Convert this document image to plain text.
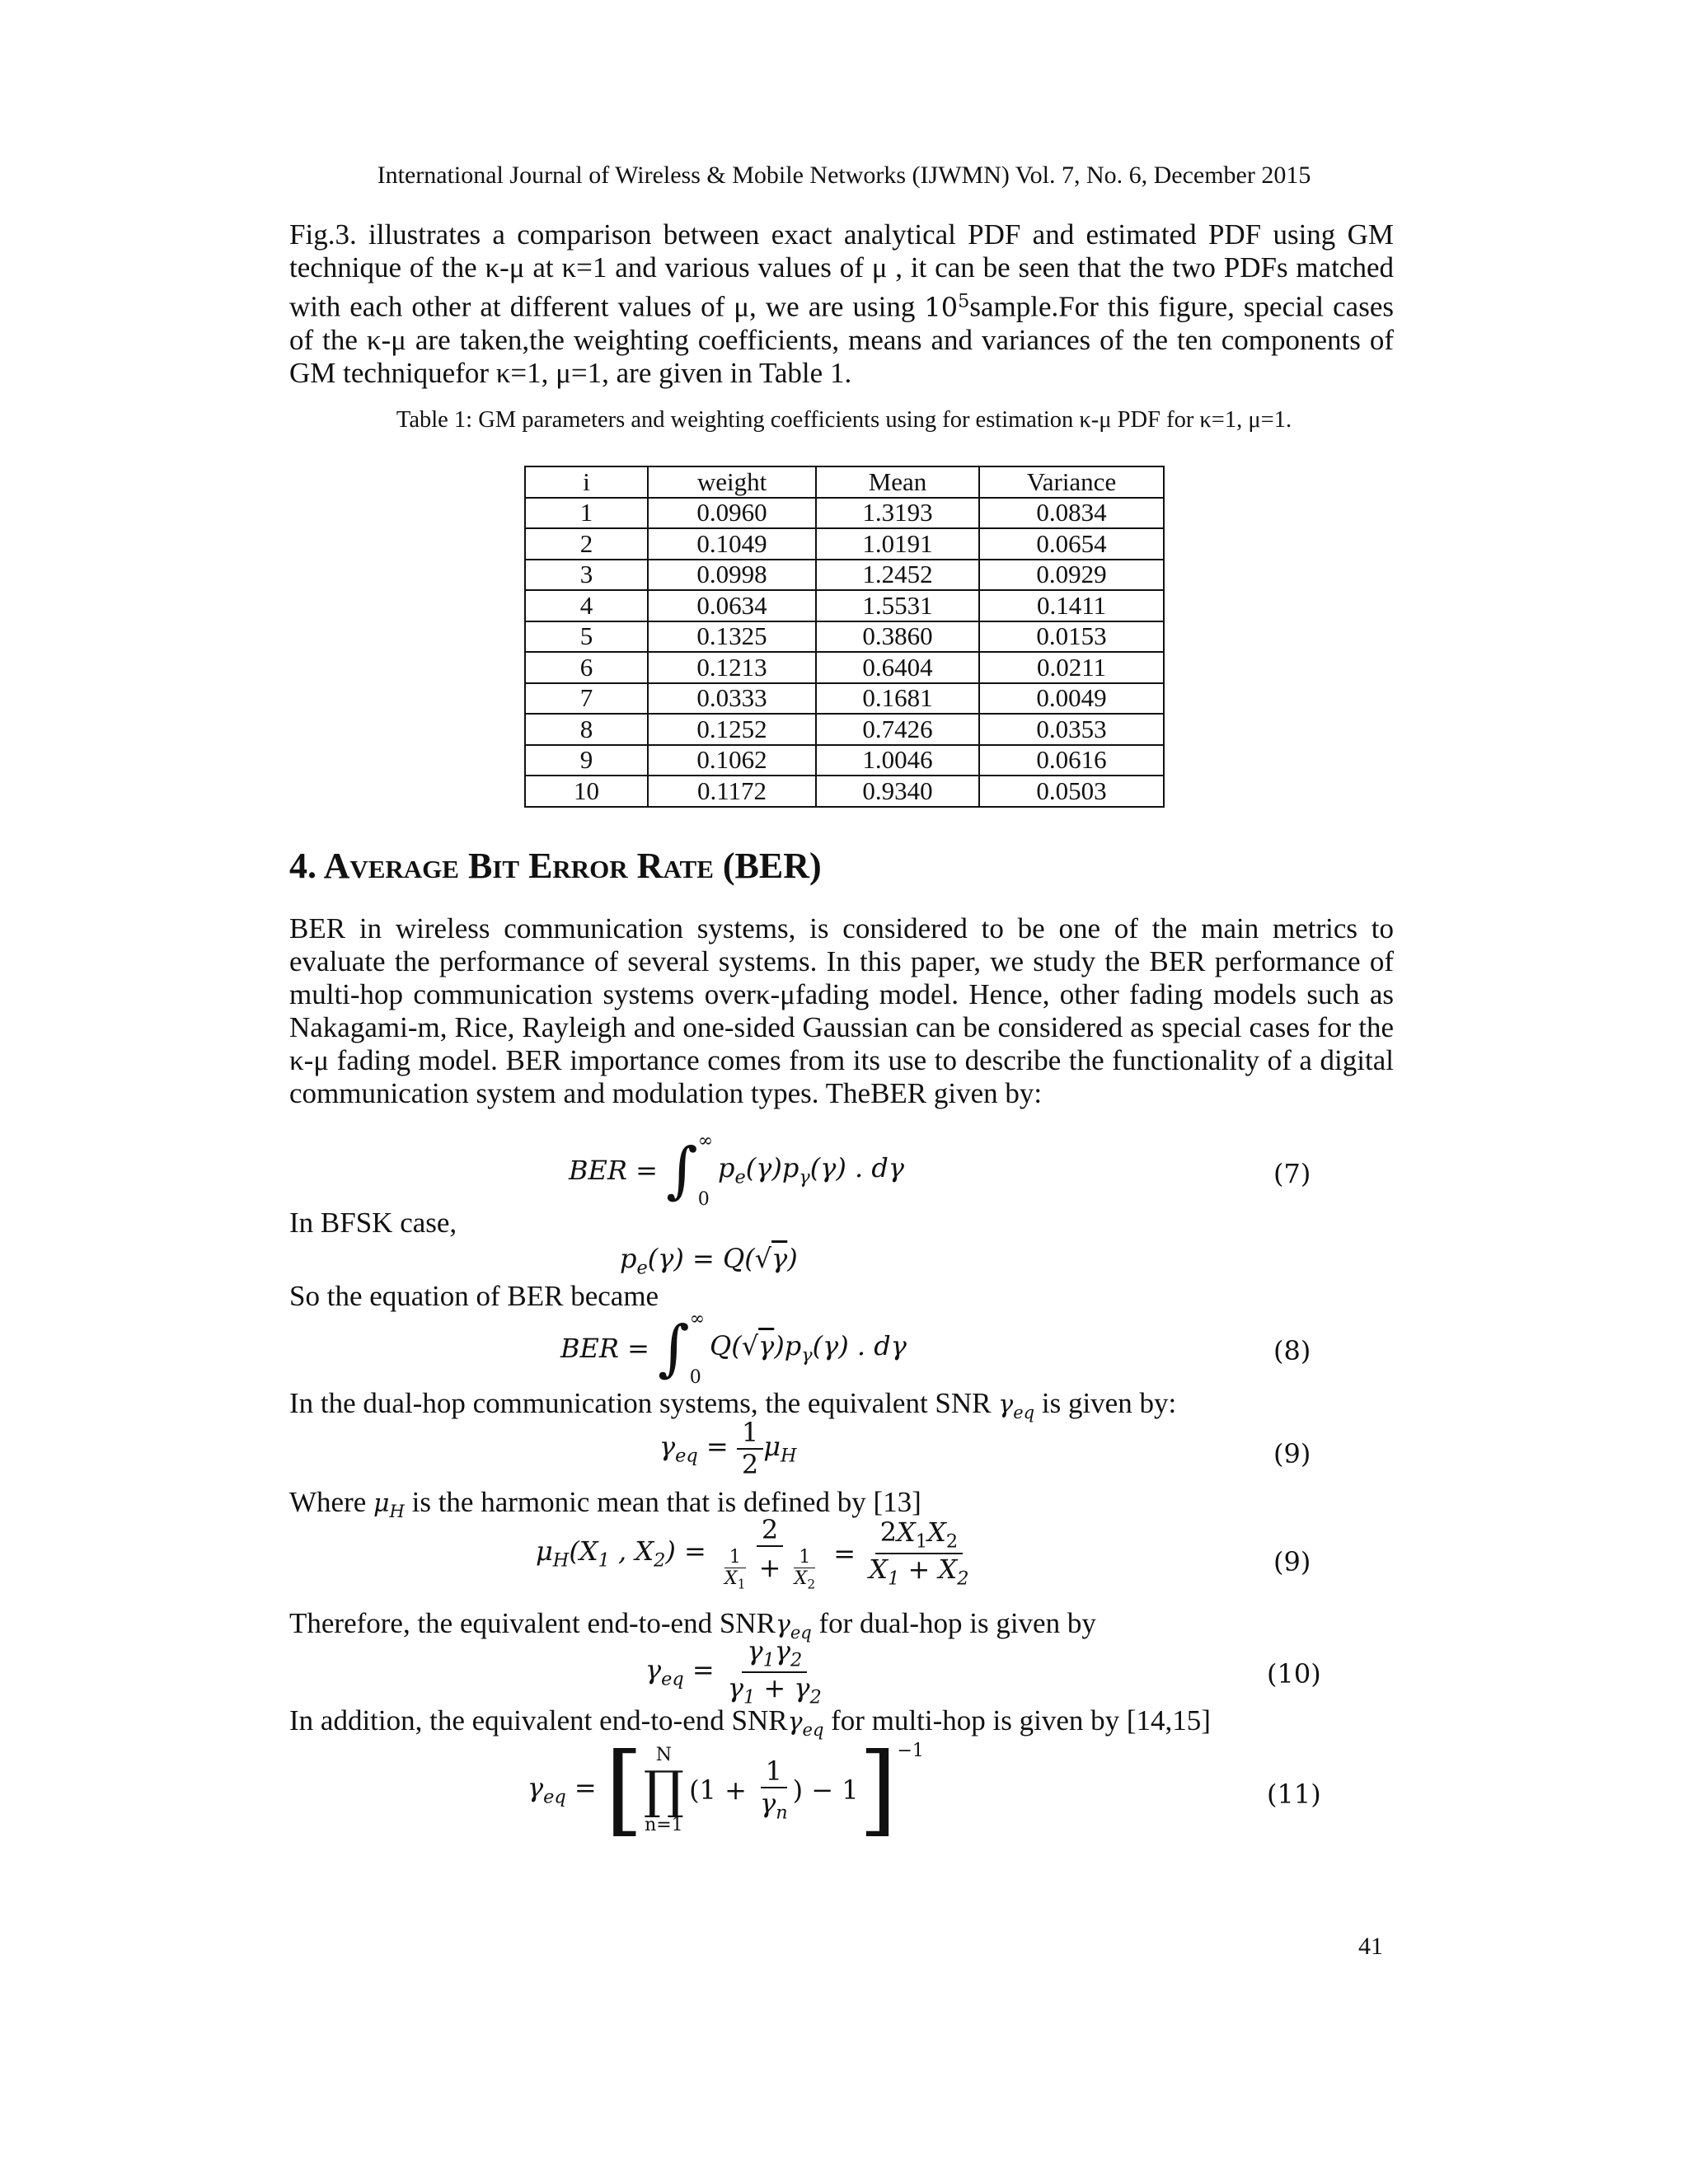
International Journal of Wireless & Mobile Networks (IJWMN) Vol. 7, No. 6, December 2015
Fig.3. illustrates a comparison between exact analytical PDF and estimated PDF using GM technique of the κ-μ at κ=1 and various values of μ , it can be seen that the two PDFs matched with each other at different values of μ, we are using $10^5sample.For$ this figure, special cases of the κ-μ are taken,the weighting coefficients, means and variances of the ten components of GM techniquefor κ=1, μ=1, are given in Table 1.
Table 1: GM parameters and weighting coefficients using for estimation κ-μ PDF for κ=1, μ=1.
i	weight	Mean	Variance
1	0.0960	1.3193	0.0834
2	0.1049	1.0191	0.0654
3	0.0998	1.2452	0.0929
4	0.0634	1.5531	0.1411
5	0.1325	0.3860	0.0153
6	0.1213	0.6404	0.0211
7	0.0333	0.1681	0.0049
8	0.1252	0.7426	0.0353
9	0.1062	1.0046	0.0616
10	0.1172	0.9340	0.0503
4. Average Bit Error Rate (BER)
BER in wireless communication systems, is considered to be one of the main metrics to evaluate the performance of several systems. In this paper, we study the BER performance of multi-hop communication systems overκ-μfading model. Hence, other fading models such as Nakagami-m, Rice, Rayleigh and one-sided Gaussian can be considered as special cases for the κ-μ fading model. BER importance comes from its use to describe the functionality of a digital communication system and modulation types. TheBER given by:
BER = ∫ ∞
0
$p_e(\gamma)p_\gamma(\gamma)$ . dγ	(7)
In BFSK case,
$p_e(\gamma) = Q(√\gamma)$
So the equation of BER became
BER = ∫ ∞
0
$Q(√\gamma)p_\gamma(\gamma)$ . dγ	(8)
In the dual-hop communication systems, the equivalent SNR $\gamma_{eq}$ is given by:
$\gamma_{eq} = \frac{1}{2} \mu_H$	(9)
Where $\mu_H$ is the harmonic mean that is defined by [13]
$\mu_H(X_1$ , $X_2) = \frac{2}{\frac{1}{X_1} + \frac{1}{X_2}} = \frac{2X_1X_2}{X_1 + X_2}$	(9)
Therefore, the equivalent end-to-end SNRγ$_{eq}$ for dual-hop is given by
$\gamma_{eq} = \frac{\gamma_1\gamma_2}{\gamma_1 + \gamma_2}$	(10)
In addition, the equivalent end-to-end SNRγ$_{eq}$ for multi-hop is given by [14,15]
$\gamma_{eq}$ = [ N
∏
n=1
($1 + \frac{1}{\gamma_n}$ ) − 1]$^{-1}$
(11)
41
